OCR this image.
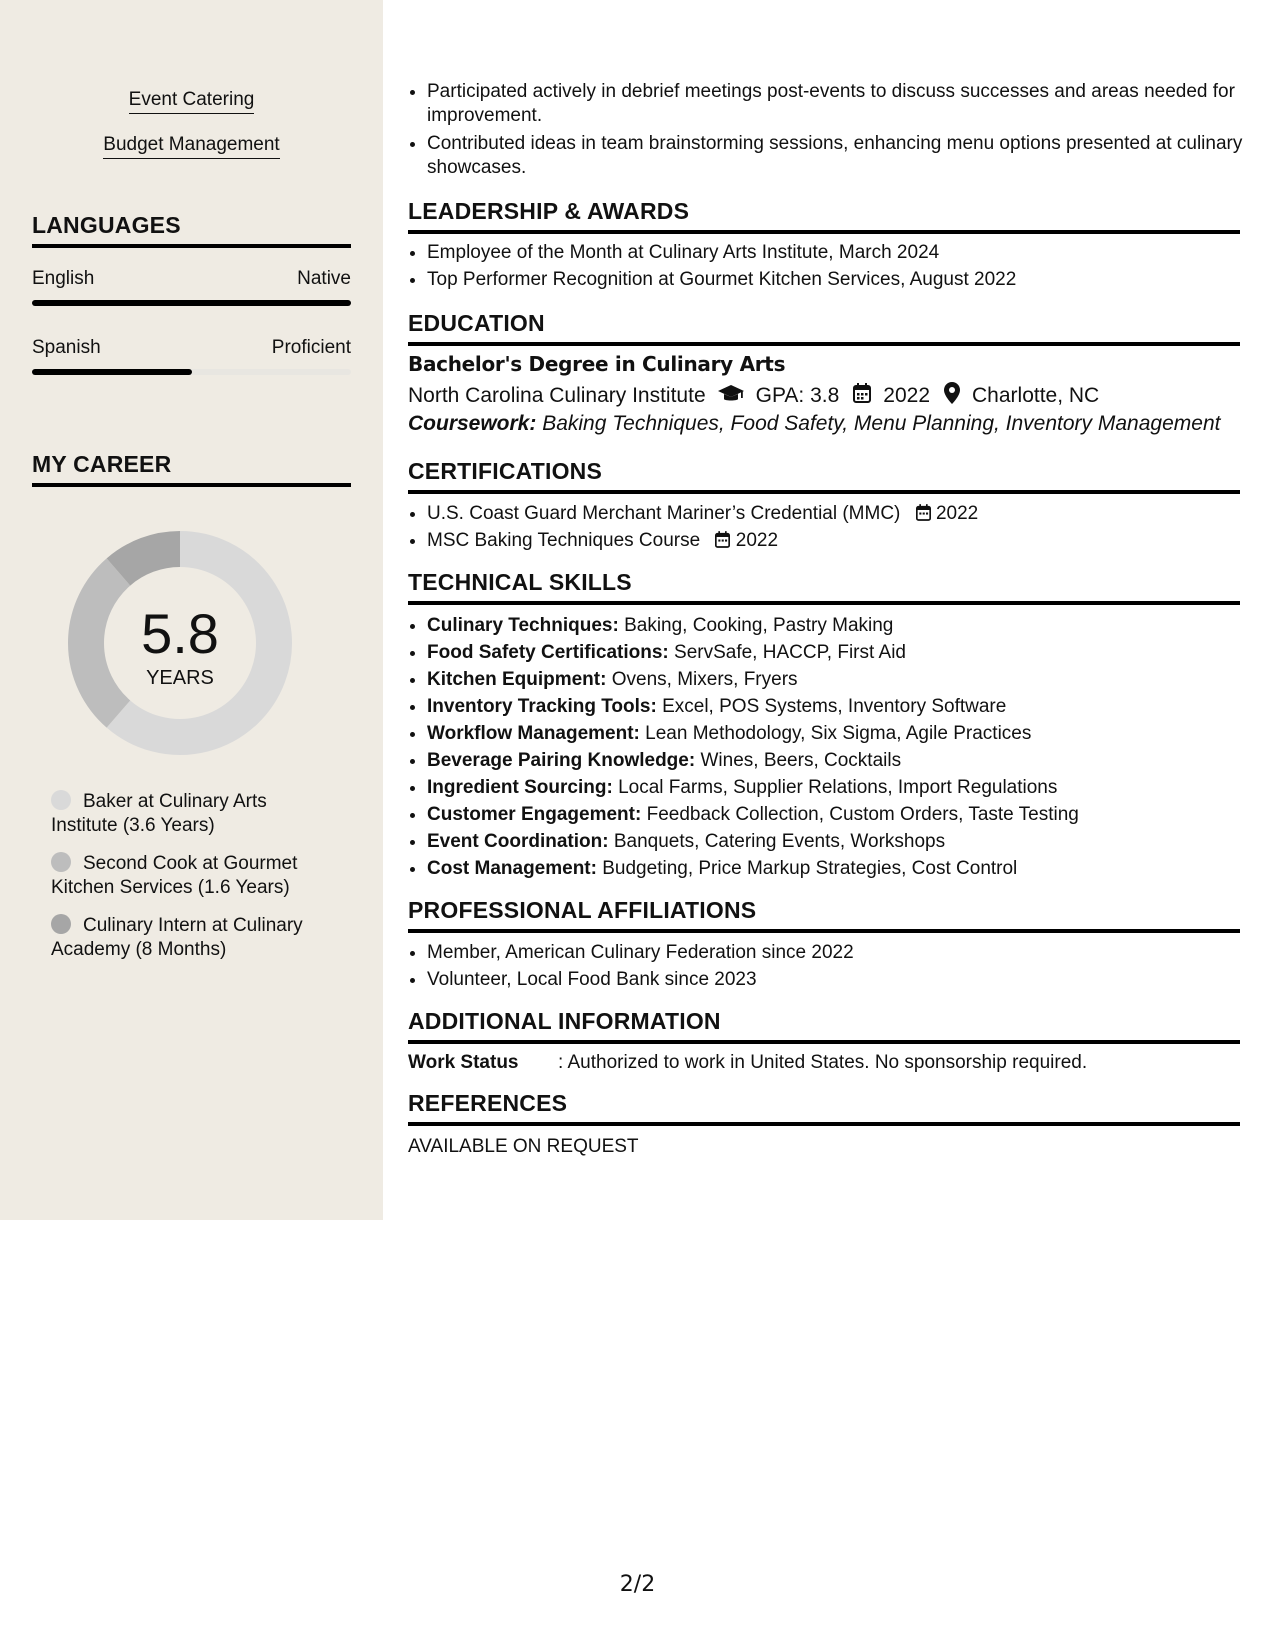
Event Catering
Budget Management
LANGUAGES
English	Native
Spanish	Proficient
MY CAREER
5.8
YEARS
Baker at Culinary Arts Institute (3.6 Years)
Second Cook at Gourmet Kitchen Services (1.6 Years)
Culinary Intern at Culinary Academy (8 Months)
• Participated actively in debrief meetings post-events to discuss successes and areas needed for improvement.
• Contributed ideas in team brainstorming sessions, enhancing menu options presented at culinary showcases.
LEADERSHIP & AWARDS
• Employee of the Month at Culinary Arts Institute, March 2024
• Top Performer Recognition at Gourmet Kitchen Services, August 2022
EDUCATION
Bachelor's Degree in Culinary Arts
North Carolina Culinary Institute GPA: 3.8 2022 Charlotte, NC
Coursework: Baking Techniques, Food Safety, Menu Planning, Inventory Management
CERTIFICATIONS
• U.S. Coast Guard Merchant Mariner’s Credential (MMC) 2022
• MSC Baking Techniques Course 2022
TECHNICAL SKILLS
• Culinary Techniques: Baking, Cooking, Pastry Making
• Food Safety Certifications: ServSafe, HACCP, First Aid
• Kitchen Equipment: Ovens, Mixers, Fryers
• Inventory Tracking Tools: Excel, POS Systems, Inventory Software
• Workflow Management: Lean Methodology, Six Sigma, Agile Practices
• Beverage Pairing Knowledge: Wines, Beers, Cocktails
• Ingredient Sourcing: Local Farms, Supplier Relations, Import Regulations
• Customer Engagement: Feedback Collection, Custom Orders, Taste Testing
• Event Coordination: Banquets, Catering Events, Workshops
• Cost Management: Budgeting, Price Markup Strategies, Cost Control
PROFESSIONAL AFFILIATIONS
• Member, American Culinary Federation since 2022
• Volunteer, Local Food Bank since 2023
ADDITIONAL INFORMATION
Work Status : Authorized to work in United States. No sponsorship required.
REFERENCES
AVAILABLE ON REQUEST
2/2
